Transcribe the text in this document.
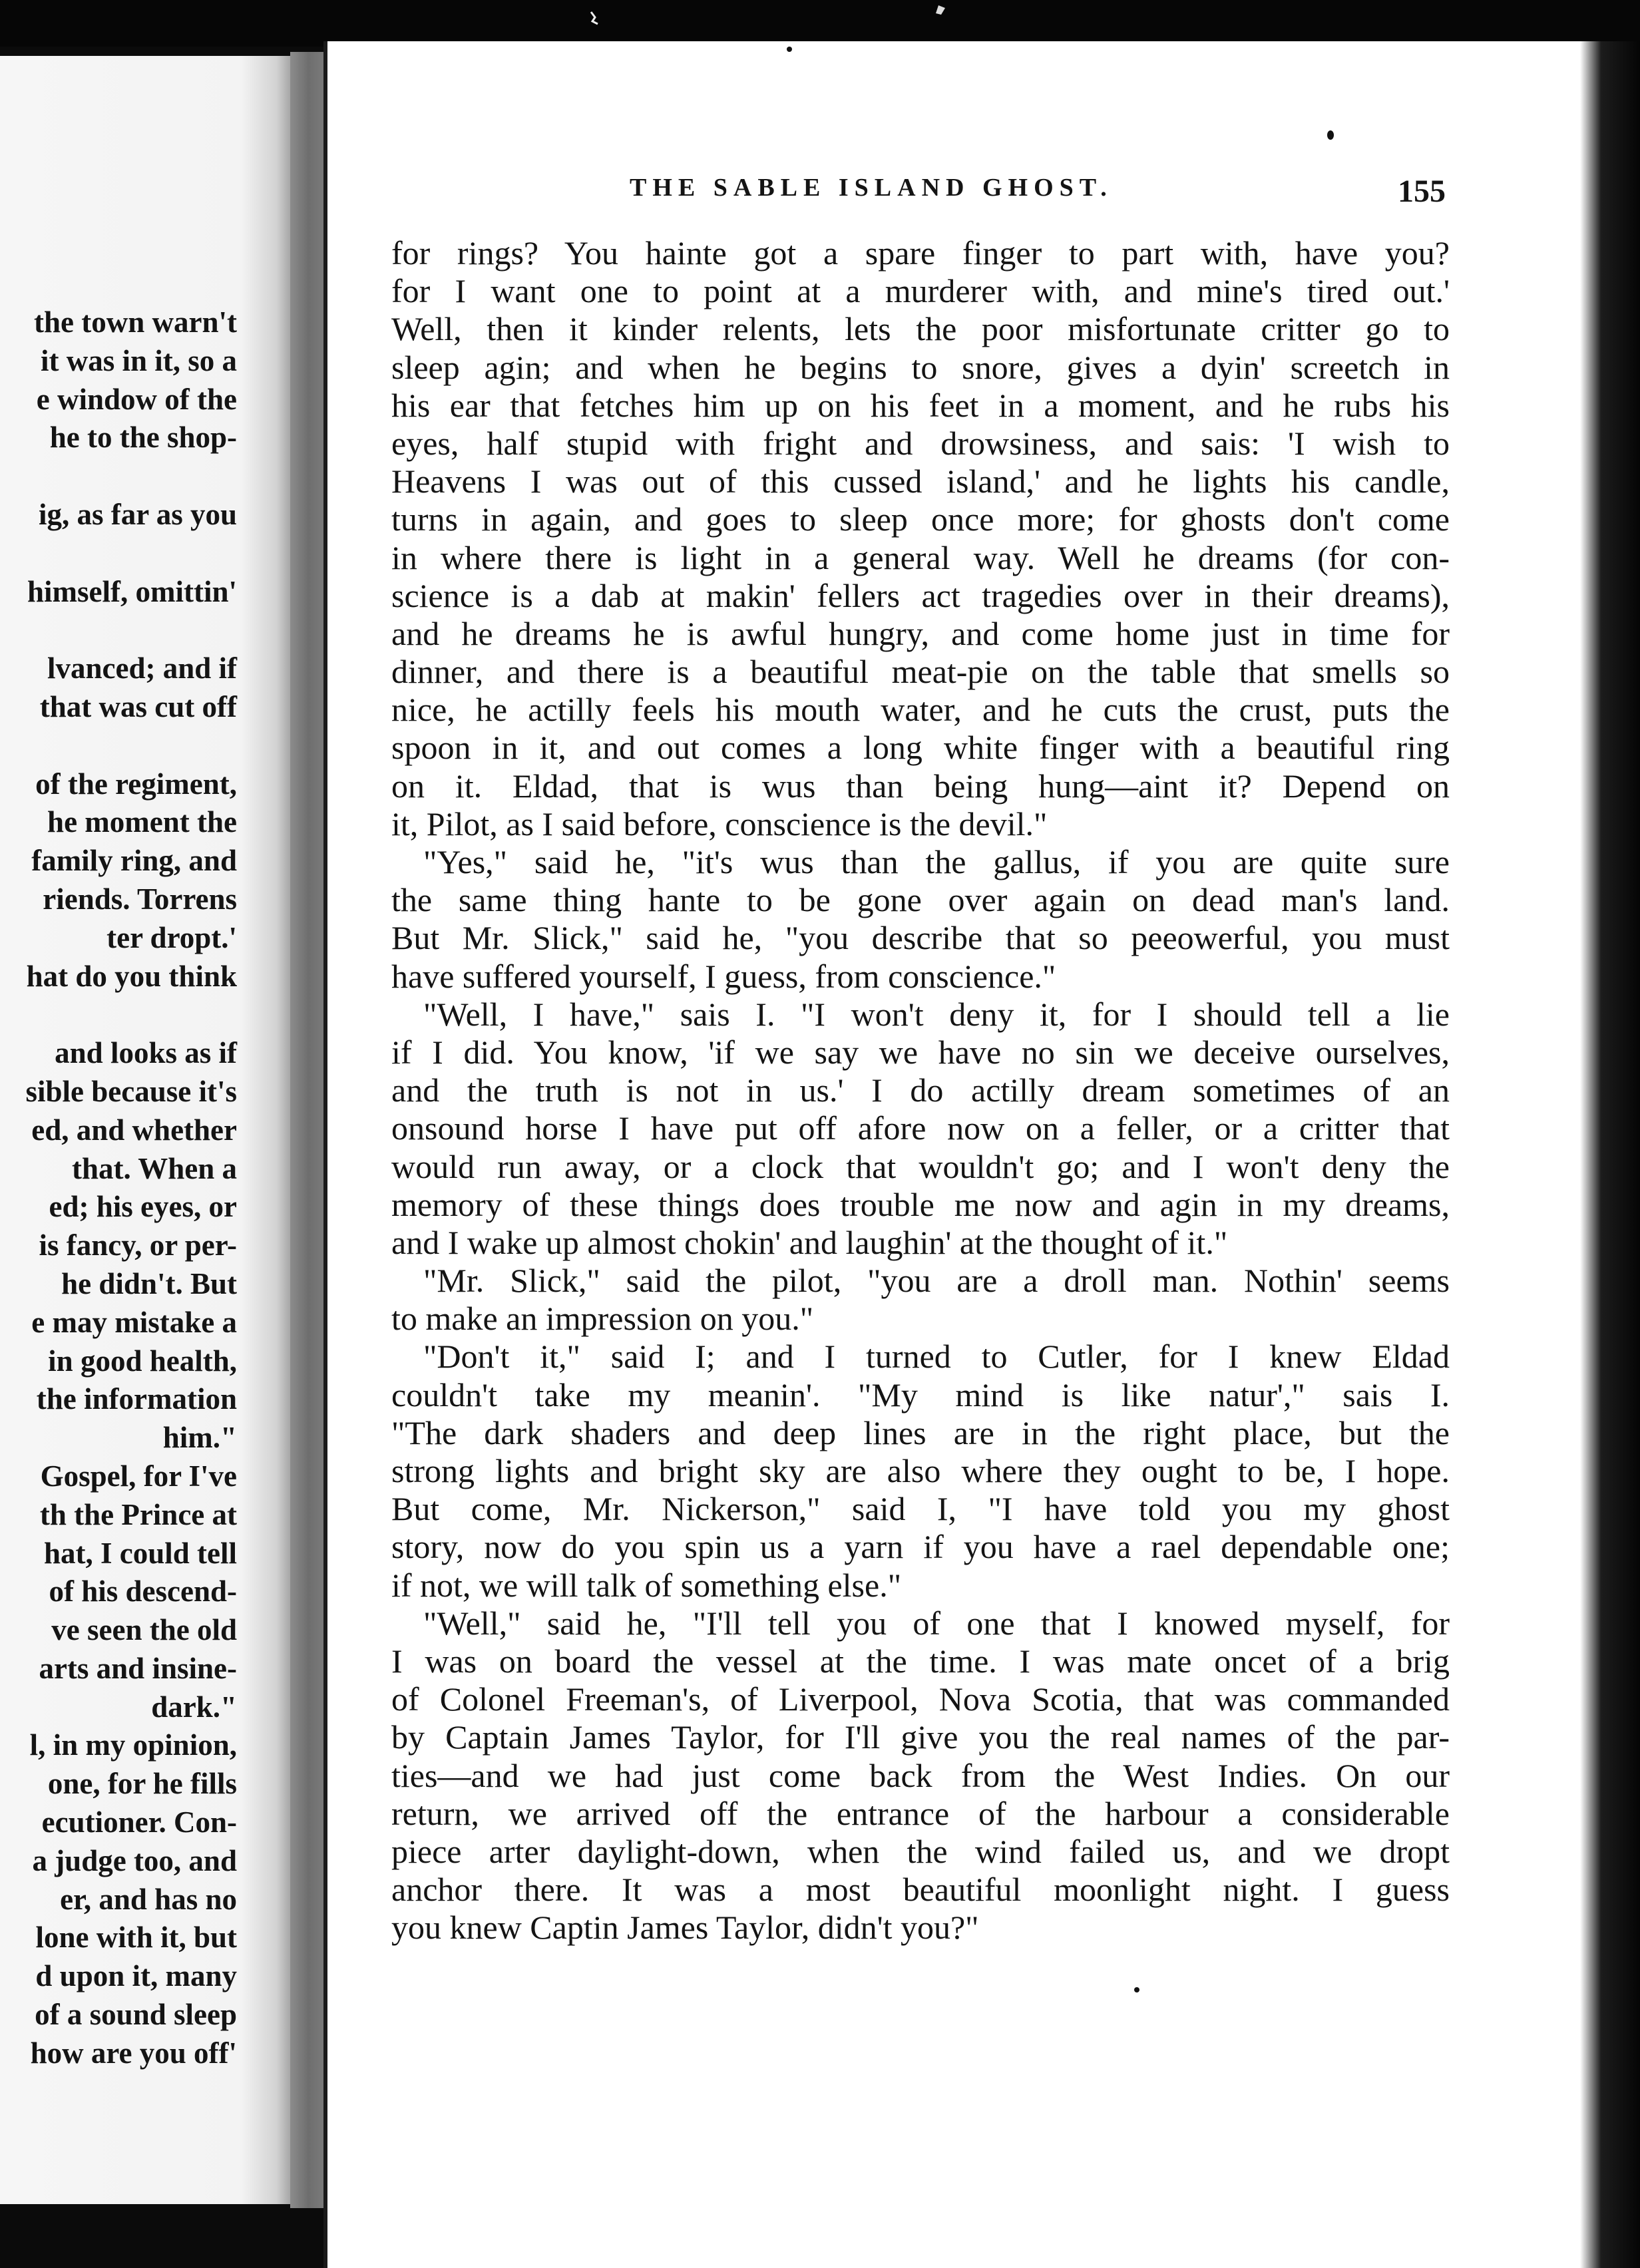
the town warn't
it was in it, so a
e window of the
he to the shop-
ig, as far as you
himself, omittin'
lvanced; and if
that was cut off
of the regiment,
he moment the
family ring, and
riends. Torrens
ter dropt.'
hat do you think
and looks as if
sible because it's
ed, and whether
that. When a
ed; his eyes, or
is fancy, or per-
he didn't. But
e may mistake a
in good health,
the information
him."
Gospel, for I've
th the Prince at
hat, I could tell
of his descend-
ve seen the old
arts and insine-
dark."
l, in my opinion,
one, for he fills
ecutioner. Con-
a judge too, and
er, and has no
lone with it, but
d upon it, many
of a sound sleep
how are you off'
THE SABLE ISLAND GHOST.	155
for rings? You hainte got a spare finger to part with, have you?
for I want one to point at a murderer with, and mine's tired out.'
Well, then it kinder relents, lets the poor misfortunate critter go to
sleep agin; and when he begins to snore, gives a dyin' screetch in
his ear that fetches him up on his feet in a moment, and he rubs his
eyes, half stupid with fright and drowsiness, and sais: 'I wish to
Heavens I was out of this cussed island,' and he lights his candle,
turns in again, and goes to sleep once more; for ghosts don't come
in where there is light in a general way. Well he dreams (for con-
science is a dab at makin' fellers act tragedies over in their dreams),
and he dreams he is awful hungry, and come home just in time for
dinner, and there is a beautiful meat-pie on the table that smells so
nice, he actilly feels his mouth water, and he cuts the crust, puts the
spoon in it, and out comes a long white finger with a beautiful ring
on it. Eldad, that is wus than being hung—aint it? Depend on
it, Pilot, as I said before, conscience is the devil."
"Yes," said he, "it's wus than the gallus, if you are quite sure
the same thing hante to be gone over again on dead man's land.
But Mr. Slick," said he, "you describe that so peeowerful, you must
have suffered yourself, I guess, from conscience."
"Well, I have," sais I. "I won't deny it, for I should tell a lie
if I did. You know, 'if we say we have no sin we deceive ourselves,
and the truth is not in us.' I do actilly dream sometimes of an
onsound horse I have put off afore now on a feller, or a critter that
would run away, or a clock that wouldn't go; and I won't deny the
memory of these things does trouble me now and agin in my dreams,
and I wake up almost chokin' and laughin' at the thought of it."
"Mr. Slick," said the pilot, "you are a droll man. Nothin' seems
to make an impression on you."
"Don't it," said I; and I turned to Cutler, for I knew Eldad
couldn't take my meanin'. "My mind is like natur'," sais I.
"The dark shaders and deep lines are in the right place, but the
strong lights and bright sky are also where they ought to be, I hope.
But come, Mr. Nickerson," said I, "I have told you my ghost
story, now do you spin us a yarn if you have a rael dependable one;
if not, we will talk of something else."
"Well," said he, "I'll tell you of one that I knowed myself, for
I was on board the vessel at the time. I was mate oncet of a brig
of Colonel Freeman's, of Liverpool, Nova Scotia, that was commanded
by Captain James Taylor, for I'll give you the real names of the par-
ties—and we had just come back from the West Indies. On our
return, we arrived off the entrance of the harbour a considerable
piece arter daylight-down, when the wind failed us, and we dropt
anchor there. It was a most beautiful moonlight night. I guess
you knew Captin James Taylor, didn't you?"
